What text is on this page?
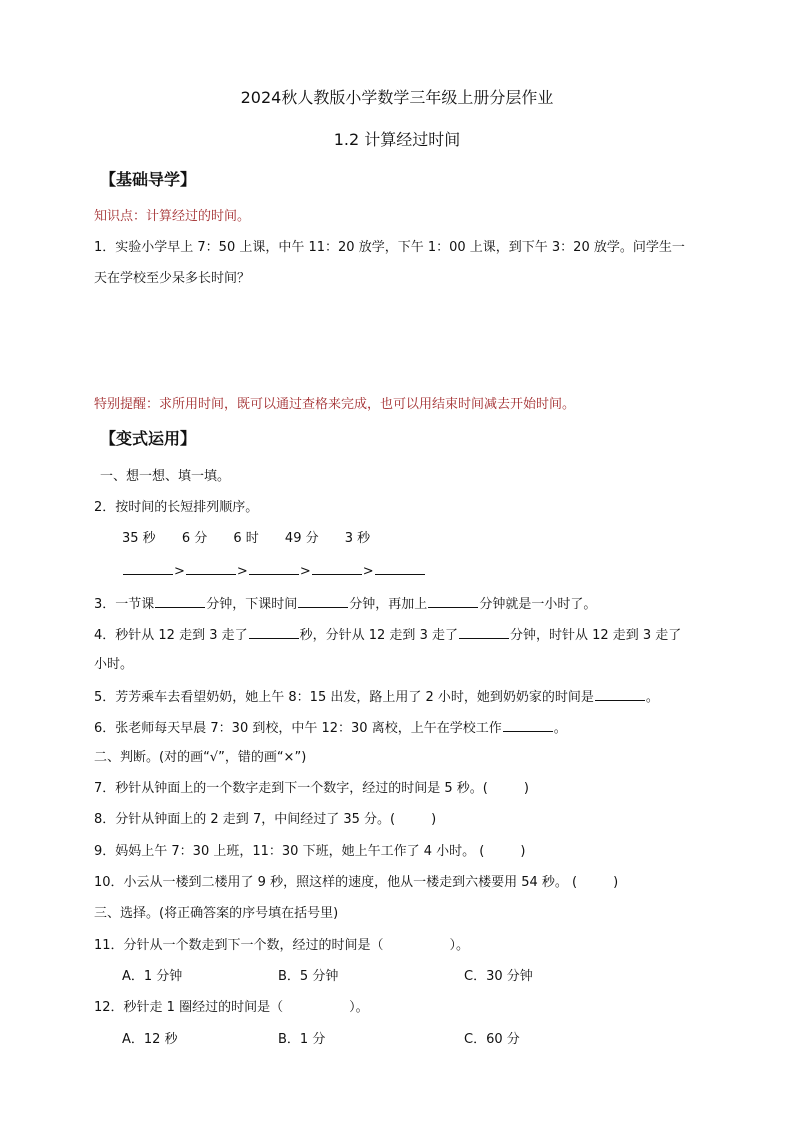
2024秋人教版小学数学三年级上册分层作业
1.2 计算经过时间
【基础导学】
知识点：计算经过的时间。
1．实验小学早上 7：50 上课，中午 11：20 放学，下午 1：00 上课，到下午 3：20 放学。问学生一
天在学校至少呆多长时间？
特别提醒：求所用时间，既可以通过查格来完成，也可以用结束时间减去开始时间。
【变式运用】
一、想一想、填一填。
2．按时间的长短排列顺序。
35 秒 6 分 6 时 49 分 3 秒
>	>	>	>
3．一节课	分钟，下课时间	分钟，再加上	分钟就是一小时了。
4．秒针从 12 走到 3 走了	秒，分针从 12 走到 3 走了	分钟，时针从 12 走到 3 走了
小时。
5．芳芳乘车去看望奶奶，她上午 8：15 出发，路上用了 2 小时，她到奶奶家的时间是	。
6．张老师每天早晨 7：30 到校，中午 12：30 离校，上午在学校工作	。
二、判断。(对的画“√”，错的画“×”)
7．秒针从钟面上的一个数字走到下一个数字，经过的时间是 5 秒。(	)
8．分针从钟面上的 2 走到 7，中间经过了 35 分。(	)
9．妈妈上午 7：30 上班，11：30 下班，她上午工作了 4 小时。 (	)
10．小云从一楼到二楼用了 9 秒，照这样的速度，他从一楼走到六楼要用 54 秒。 (	)
三、选择。(将正确答案的序号填在括号里)
11．分针从一个数走到下一个数，经过的时间是（	）。
A．1 分钟	B．5 分钟	C．30 分钟
12．秒针走 1 圈经过的时间是（	）。
A．12 秒	B．1 分	C．60 分
